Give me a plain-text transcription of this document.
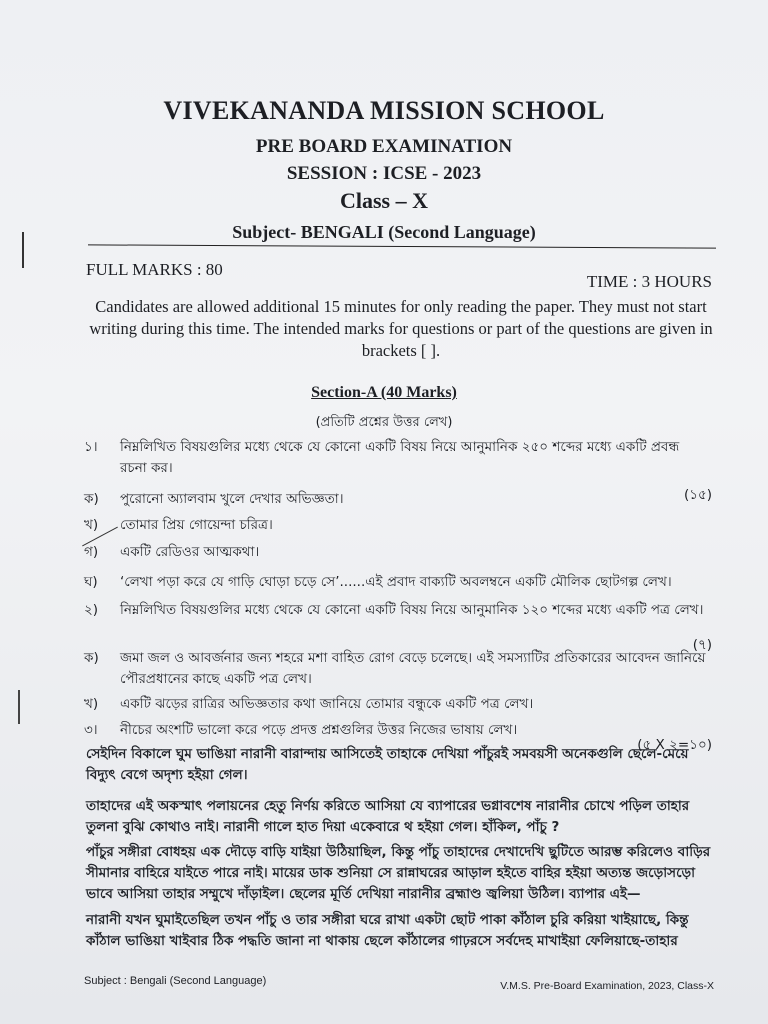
VIVEKANANDA MISSION SCHOOL
PRE BOARD EXAMINATION
SESSION : ICSE - 2023
Class – X
Subject- BENGALI (Second Language)
FULL MARKS : 80
TIME : 3 HOURS
Candidates are allowed additional 15 minutes for only reading the paper. They must not start writing during this time. The intended marks for questions or part of the questions are given in brackets [ ].
Section-A (40 Marks)
(প্রতিটি প্রশ্নের উত্তর লেখ)
১।	নিম্নলিখিত বিষয়গুলির মধ্যে থেকে যে কোনো একটি বিষয় নিয়ে আনুমানিক ২৫০ শব্দের মধ্যে একটি প্রবন্ধ রচনা কর।
(১৫)
ক)	পুরোনো অ্যালবাম খুলে দেখার অভিজ্ঞতা।
খ)	তোমার প্রিয় গোয়েন্দা চরিত্র।
গ)	একটি রেডিওর আত্মকথা।
ঘ)	‘লেখা পড়া করে যে গাড়ি ঘোড়া চড়ে সে’......এই প্রবাদ বাক্যটি অবলম্বনে একটি মৌলিক ছোটগল্প লেখ।
২)	নিম্নলিখিত বিষয়গুলির মধ্যে থেকে যে কোনো একটি বিষয় নিয়ে আনুমানিক ১২০ শব্দের মধ্যে একটি পত্র লেখ।
(৭)
ক)	জমা জল ও আবর্জনার জন্য শহরে মশা বাহিত রোগ বেড়ে চলেছে। এই সমস্যাটির প্রতিকারের আবেদন জানিয়ে পৌরপ্রধানের কাছে একটি পত্র লেখ।
খ)	একটি ঝড়ের রাত্রির অভিজ্ঞতার কথা জানিয়ে তোমার বন্ধুকে একটি পত্র লেখ।
৩।	নীচের অংশটি ভালো করে পড়ে প্রদত্ত প্রশ্নগুলির উত্তর নিজের ভাষায় লেখ।
(৫ X ২=১০)
সেইদিন বিকালে ঘুম ভাঙিয়া নারানী বারান্দায় আসিতেই তাহাকে দেখিয়া পাঁচুরই সমবয়সী অনেকগুলি ছেলে-মেয়ে বিদ্যুৎ বেগে অদৃশ্য হইয়া গেল।
তাহাদের এই অকস্মাৎ পলায়নের হেতু নির্ণয় করিতে আসিয়া যে ব্যাপারের ভগ্নাবশেষ নারানীর চোখে পড়িল তাহার তুলনা বুঝি কোথাও নাই। নারানী গালে হাত দিয়া একেবারে থ হইয়া গেল। হাঁকিল, পাঁচু ?
পাঁচুর সঙ্গীরা বোধহয় এক দৌড়ে বাড়ি যাইয়া উঠিয়াছিল, কিন্তু পাঁচু তাহাদের দেখাদেখি ছুটিতে আরম্ভ করিলেও বাড়ির সীমানার বাহিরে যাইতে পারে নাই। মায়ের ডাক শুনিয়া সে রান্নাঘরের আড়াল হইতে বাহির হইয়া অত্যন্ত জড়োসড়ো ভাবে আসিয়া তাহার সম্মুখে দাঁড়াইল। ছেলের মূর্তি দেখিয়া নারানীর ব্রহ্মাণ্ড জ্বলিয়া উঠিল। ব্যাপার এই—
নারানী যখন ঘুমাইতেছিল তখন পাঁচু ও তার সঙ্গীরা ঘরে রাখা একটা ছোট পাকা কাঁঠাল চুরি করিয়া খাইয়াছে, কিন্তু কাঁঠাল ভাঙিয়া খাইবার ঠিক পদ্ধতি জানা না থাকায় ছেলে কাঁঠালের গাঢ়রসে সর্বদেহ মাখাইয়া ফেলিয়াছে-তাহার
Subject : Bengali (Second Language)	V.M.S. Pre-Board Examination, 2023, Class-X
